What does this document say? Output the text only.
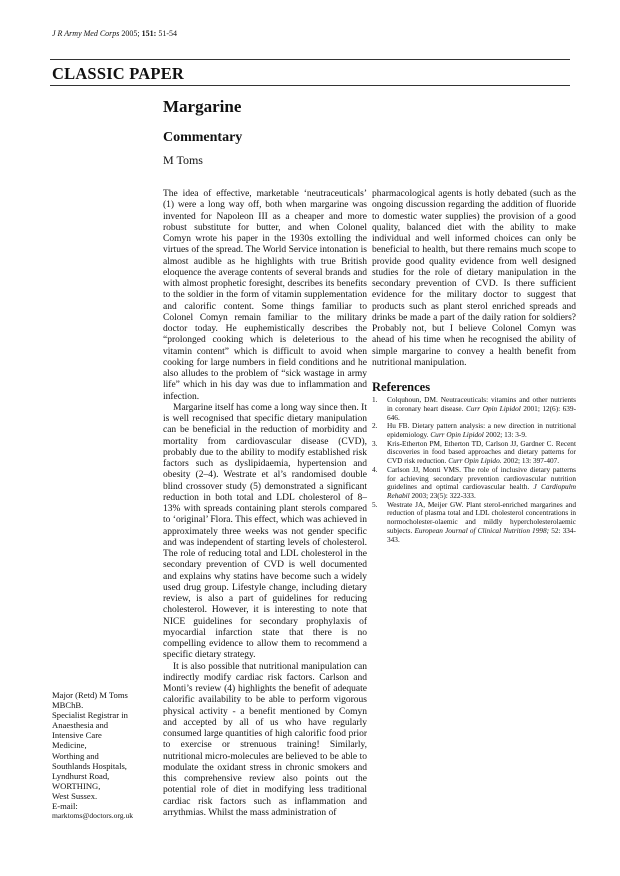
J R Army Med Corps 2005; 151: 51-54
CLASSIC PAPER
Margarine
Commentary
M Toms

The idea of effective, marketable ‘neutraceuticals’ (1) were a long way off, both when margarine was invented for Napoleon III as a cheaper and more robust substitute for butter, and when Colonel Comyn wrote his paper in the 1930s extolling the virtues of the spread. The World Service intonation is almost audible as he highlights with true British eloquence the average contents of several brands and with almost prophetic foresight, describes its benefits to the soldier in the form of vitamin supplementation and calorific content. Some things familiar to Colonel Comyn remain familiar to the military doctor today. He euphemistically describes the “prolonged cooking which is deleterious to the vitamin content” which is difficult to avoid when cooking for large numbers in field conditions and he also alludes to the problem of “sick wastage in army life” which in his day was due to inflammation and infection.

Margarine itself has come a long way since then. It is well recognised that specific dietary manipulation can be beneficial in the reduction of morbidity and mortality from cardiovascular disease (CVD), probably due to the ability to modify established risk factors such as dyslipidaemia, hypertension and obesity (2–4). Westrate et al’s randomised double blind crossover study (5) demonstrated a significant reduction in both total and LDL cholesterol of 8–13% with spreads containing plant sterols compared to ‘original’ Flora. This effect, which was achieved in approximately three weeks was not gender specific and was independent of starting levels of cholesterol. The role of reducing total and LDL cholesterol in the secondary prevention of CVD is well documented and explains why statins have become such a widely used drug group. Lifestyle change, including dietary review, is also a part of guidelines for reducing cholesterol. However, it is interesting to note that NICE guidelines for secondary prophylaxis of myocardial infarction state that there is no compelling evidence to allow them to recommend a specific dietary strategy.

It is also possible that nutritional manipulation can indirectly modify cardiac risk factors. Carlson and Monti’s review (4) highlights the benefit of adequate calorific availability to be able to perform vigorous physical activity - a benefit mentioned by Comyn and accepted by all of us who have regularly consumed large quantities of high calorific food prior to exercise or strenuous training! Similarly, nutritional micro-molecules are believed to be able to modulate the oxidant stress in chronic smokers and this comprehensive review also points out the potential role of diet in modifying less traditional cardiac risk factors such as inflammation and arrythmias. Whilst the mass administration of

pharmacological agents is hotly debated (such as the ongoing discussion regarding the addition of fluoride to domestic water supplies) the provision of a good quality, balanced diet with the ability to make individual and well informed choices can only be beneficial to health, but there remains much scope to provide good quality evidence from well designed studies for the role of dietary manipulation in the secondary prevention of CVD. Is there sufficient evidence for the military doctor to suggest that products such as plant sterol enriched spreads and drinks be made a part of the daily ration for soldiers? Probably not, but I believe Colonel Comyn was ahead of his time when he recognised the ability of simple margarine to convey a health benefit from nutritional manipulation.

References
1. Colquhoun, DM. Neutraceuticals: vitamins and other nutrients in coronary heart disease. Curr Opin Lipidol 2001; 12(6): 639-646.
2. Hu FB. Dietary pattern analysis: a new direction in nutritional epidemiology. Curr Opin Lipidol 2002; 13: 3-9.
3. Kris-Etherton PM, Etherton TD, Carlson JJ, Gardner C. Recent discoveries in food based approaches and dietary patterns for CVD risk reduction. Curr Opin Lipido. 2002; 13: 397-407.
4. Carlson JJ, Monti VMS. The role of inclusive dietary patterns for achieving secondary prevention cardiovascular nutrition guidelines and optimal cardiovascular health. J Cardiopulm Rehabil 2003; 23(5): 322-333.
5. Westrate JA, Meijer GW. Plant sterol-enriched margarines and reduction of plasma total and LDL cholesterol concentrations in normocholester-olaemic and mildly hypercholesterolaemic subjects. European Journal of Clinical Nutrition 1998; 52: 334-343.
Major (Retd) M Toms
MBChB.
Specialist Registrar in
Anaesthesia and
Intensive Care
Medicine,
Worthing and
Southlands Hospitals,
Lyndhurst Road,
WORTHING,
West Sussex.
E-mail:
marktoms@doctors.org.uk
